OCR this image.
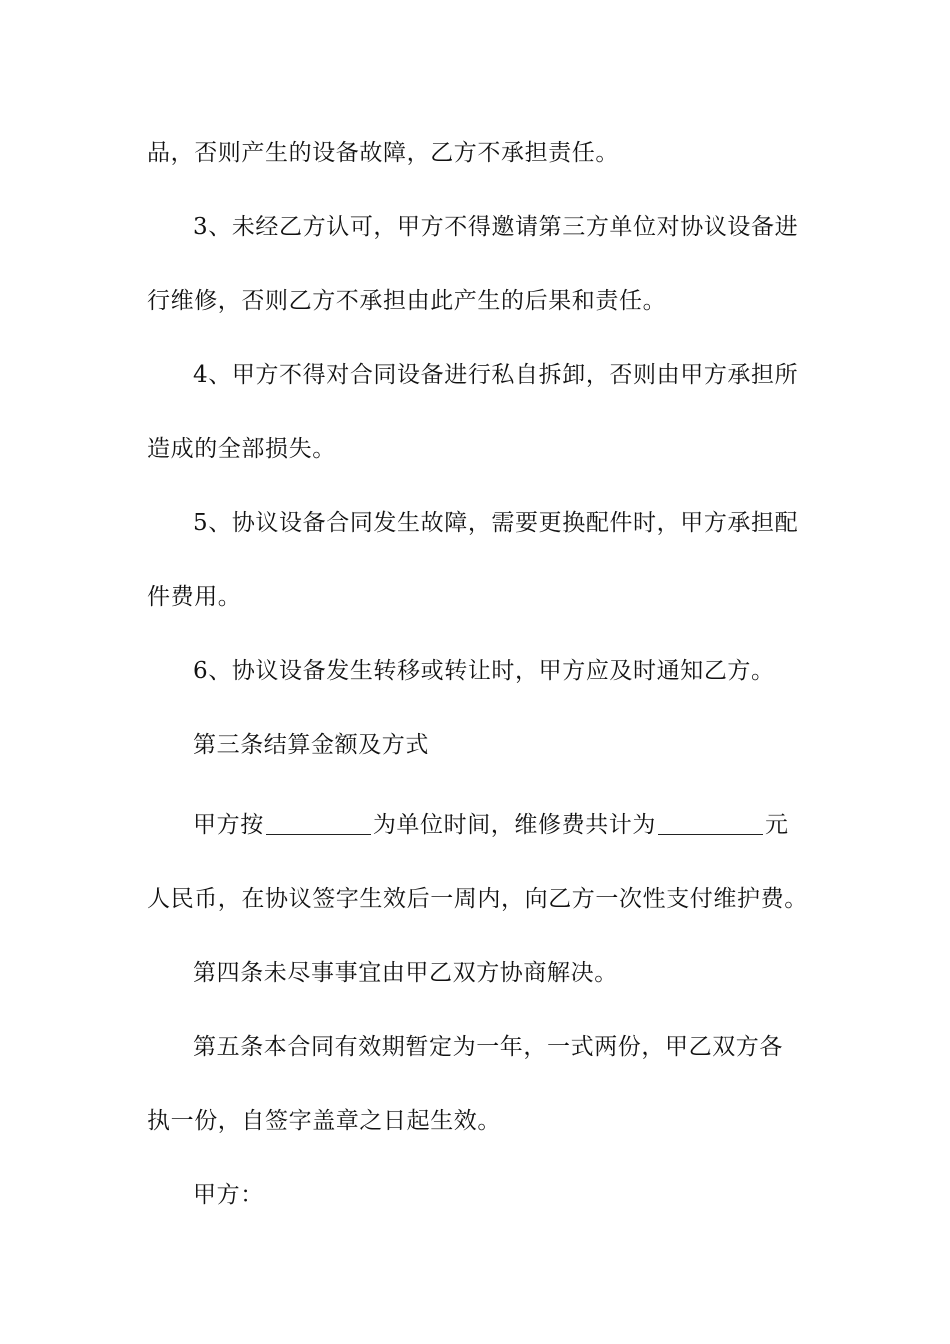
品，否则产生的设备故障，乙方不承担责任。
3、未经乙方认可，甲方不得邀请第三方单位对协议设备进
行维修，否则乙方不承担由此产生的后果和责任。
4、甲方不得对合同设备进行私自拆卸，否则由甲方承担所
造成的全部损失。
5、协议设备合同发生故障，需要更换配件时，甲方承担配
件费用。
6、协议设备发生转移或转让时，甲方应及时通知乙方。
第三条结算金额及方式
甲方按	为单位时间，维修费共计为	元
人民币，在协议签字生效后一周内，向乙方一次性支付维护费。
第四条未尽事事宜由甲乙双方协商解决。
第五条本合同有效期暂定为一年，一式两份，甲乙双方各
执一份，自签字盖章之日起生效。
甲方：
